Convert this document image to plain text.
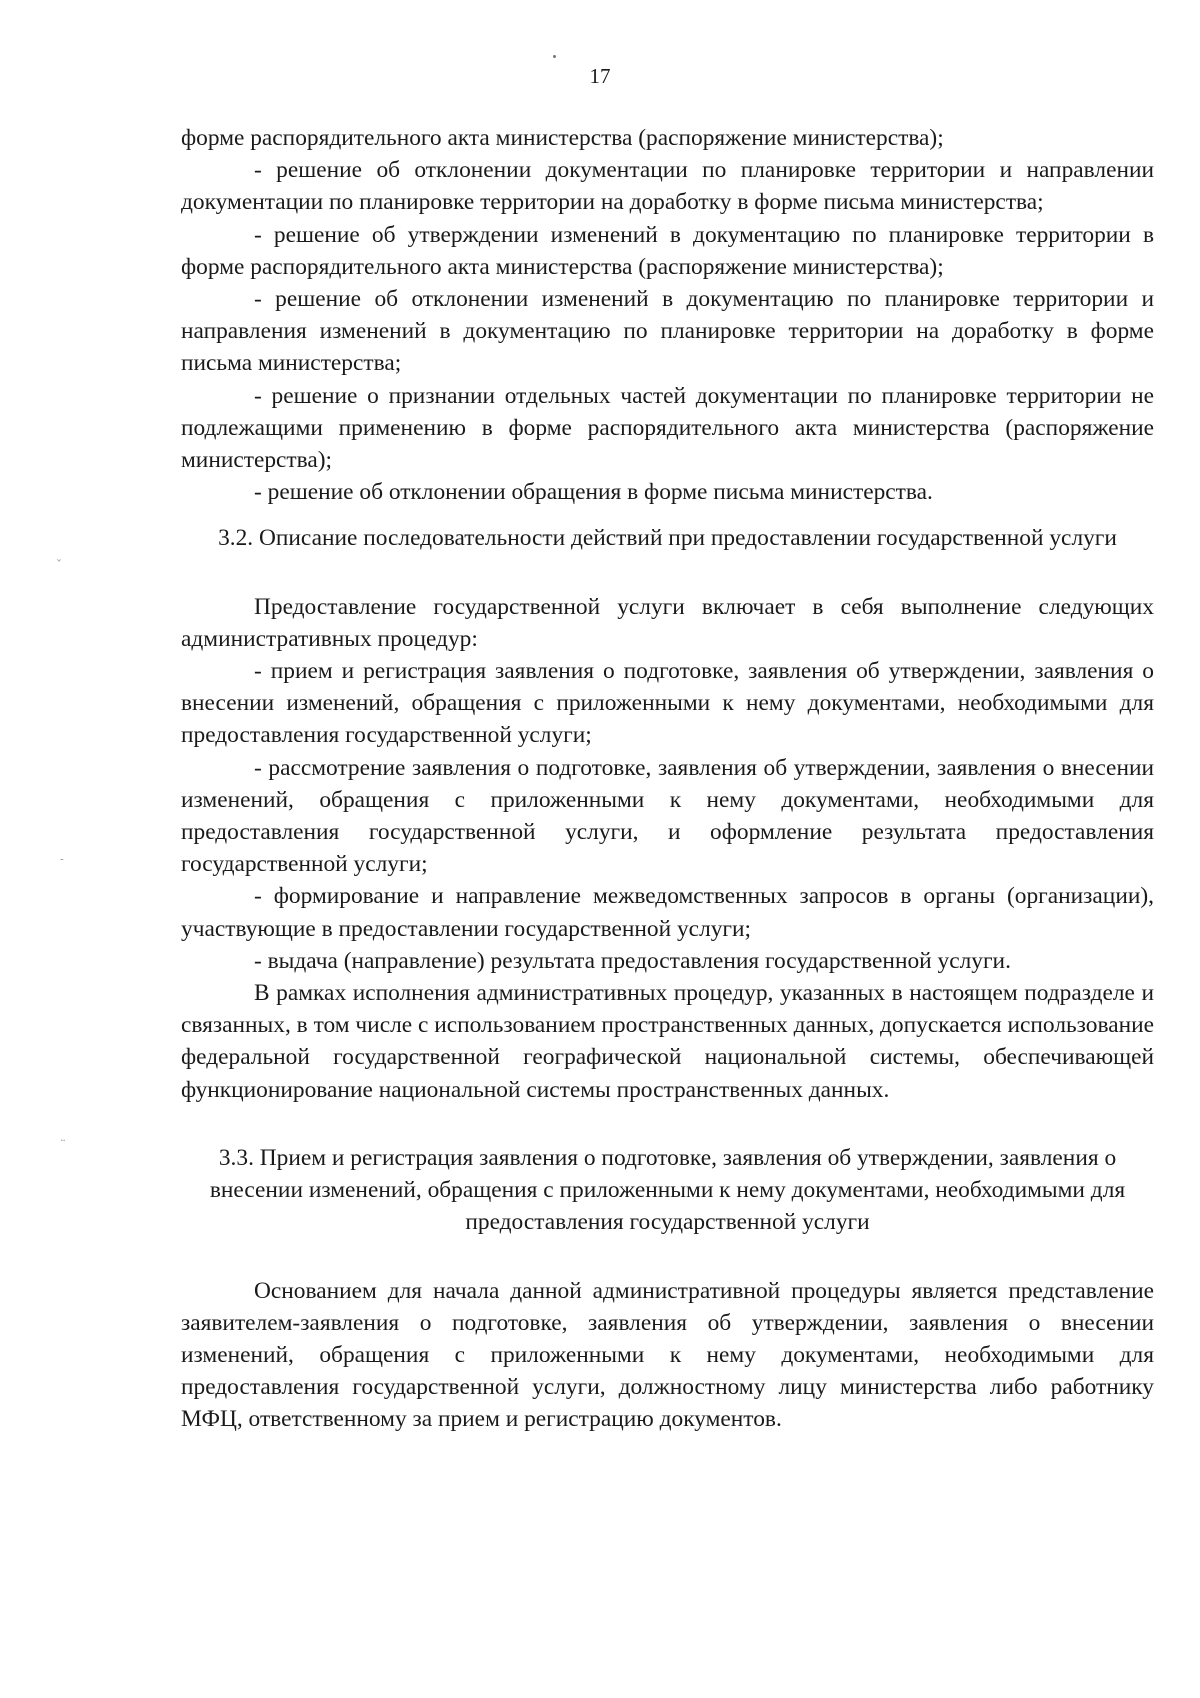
ˇ
˗
¨
17

форме распорядительного акта министерства (распоряжение министерства);

- решение об отклонении документации по планировке территории и направлении документации по планировке территории на доработку в форме письма министерства;

- решение об утверждении изменений в документацию по планировке территории в форме распорядительного акта министерства (распоряжение министерства);

- решение об отклонении изменений в документацию по планировке территории и направления изменений в документацию по планировке территории на доработку в форме письма министерства;

- решение о признании отдельных частей документации по планировке территории не подлежащими применению в форме распорядительного акта министерства (распоряжение министерства);

- решение об отклонении обращения в форме письма министерства.

3.2. Описание последовательности действий при предоставлении государственной услуги

Предоставление государственной услуги включает в себя выполнение следующих административных процедур:

- прием и регистрация заявления о подготовке, заявления об утверждении, заявления о внесении изменений, обращения с приложенными к нему документами, необходимыми для предоставления государственной услуги;

- рассмотрение заявления о подготовке, заявления об утверждении, заявления о внесении изменений, обращения с приложенными к нему документами, необходимыми для предоставления государственной услуги, и оформление результата предоставления государственной услуги;

- формирование и направление межведомственных запросов в органы (организации), участвующие в предоставлении государственной услуги;

- выдача (направление) результата предоставления государственной услуги.

В рамках исполнения административных процедур, указанных в настоящем подразделе и связанных, в том числе с использованием пространственных данных, допускается использование федеральной государственной географической национальной системы, обеспечивающей функционирование национальной системы пространственных данных.

3.3. Прием и регистрация заявления о подготовке, заявления об утверждении, заявления о внесении изменений, обращения с приложенными к нему документами, необходимыми для предоставления государственной услуги

Основанием для начала данной административной процедуры является представление заявителем-заявления о подготовке, заявления об утверждении, заявления о внесении изменений, обращения с приложенными к нему документами, необходимыми для предоставления государственной услуги, должностному лицу министерства либо работнику МФЦ, ответственному за прием и регистрацию документов.
